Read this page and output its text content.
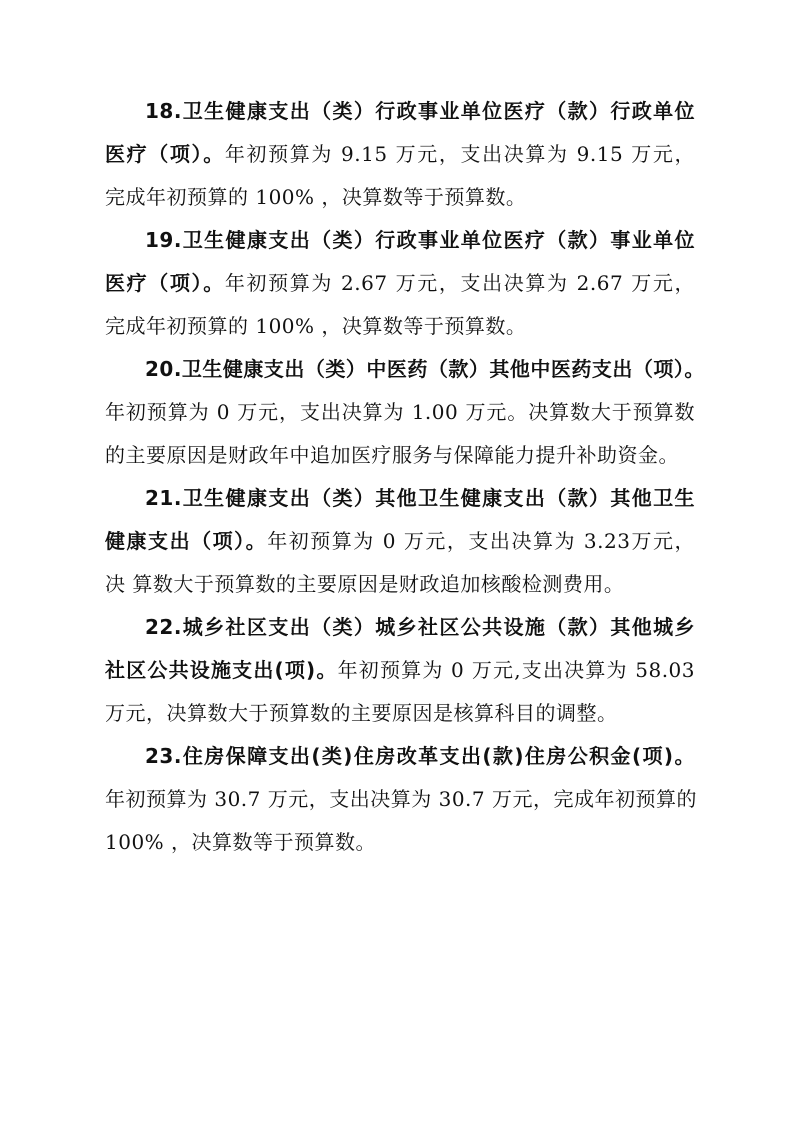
18.卫生健康支出（类）行政事业单位医疗（款）行政单位
医疗（项）。年初预算为 9.15 万元，支出决算为 9.15 万元，
完成年初预算的 100% ，决算数等于预算数。
19.卫生健康支出（类）行政事业单位医疗（款）事业单位
医疗（项）。年初预算为 2.67 万元，支出决算为 2.67 万元，
完成年初预算的 100% ，决算数等于预算数。
20.卫生健康支出（类）中医药（款）其他中医药支出（项）。
年初预算为 0 万元，支出决算为 1.00 万元。决算数大于预算数
的主要原因是财政年中追加医疗服务与保障能力提升补助资金。
21.卫生健康支出（类）其他卫生健康支出（款）其他卫生
健康支出（项）。年初预算为 0 万元，支出决算为 3.23万元，
决 算数大于预算数的主要原因是财政追加核酸检测费用。
22.城乡社区支出（类）城乡社区公共设施（款）其他城乡
社区公共设施支出(项)。年初预算为 0 万元,支出决算为 58.03
万元，决算数大于预算数的主要原因是核算科目的调整。
23.住房保障支出(类)住房改革支出(款)住房公积金(项)。
年初预算为 30.7 万元，支出决算为 30.7 万元，完成年初预算的
100% ，决算数等于预算数。
